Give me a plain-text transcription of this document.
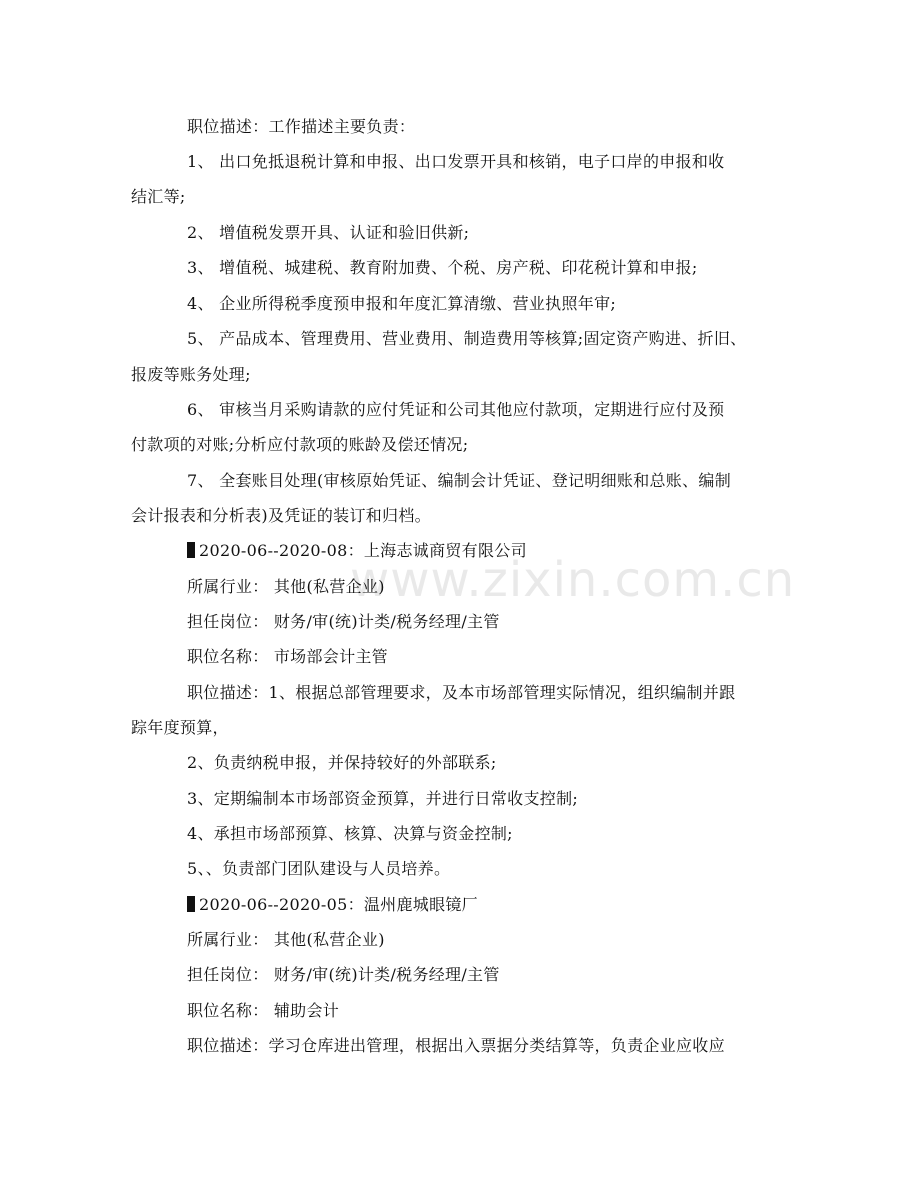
www.zixin.com.cn
职位描述：工作描述主要负责：
1、 出口免抵退税计算和申报、出口发票开具和核销，电子口岸的申报和收
结汇等;
2、 增值税发票开具、认证和验旧供新;
3、 增值税、城建税、教育附加费、个税、房产税、印花税计算和申报;
4、 企业所得税季度预申报和年度汇算清缴、营业执照年审;
5、 产品成本、管理费用、营业费用、制造费用等核算;固定资产购进、折旧、
报废等账务处理;
6、 审核当月采购请款的应付凭证和公司其他应付款项，定期进行应付及预
付款项的对账;分析应付款项的账龄及偿还情况;
7、 全套账目处理(审核原始凭证、编制会计凭证、登记明细账和总账、编制
会计报表和分析表)及凭证的装订和归档。
2020-06--2020-08：上海志诚商贸有限公司
所属行业： 其他(私营企业)
担任岗位： 财务/审(统)计类/税务经理/主管
职位名称： 市场部会计主管
职位描述：1、根据总部管理要求，及本市场部管理实际情况，组织编制并跟
踪年度预算，
2、负责纳税申报，并保持较好的外部联系;
3、定期编制本市场部资金预算，并进行日常收支控制;
4、承担市场部预算、核算、决算与资金控制;
5、、负责部门团队建设与人员培养。
2020-06--2020-05：温州鹿城眼镜厂
所属行业： 其他(私营企业)
担任岗位： 财务/审(统)计类/税务经理/主管
职位名称： 辅助会计
职位描述：学习仓库进出管理，根据出入票据分类结算等，负责企业应收应
